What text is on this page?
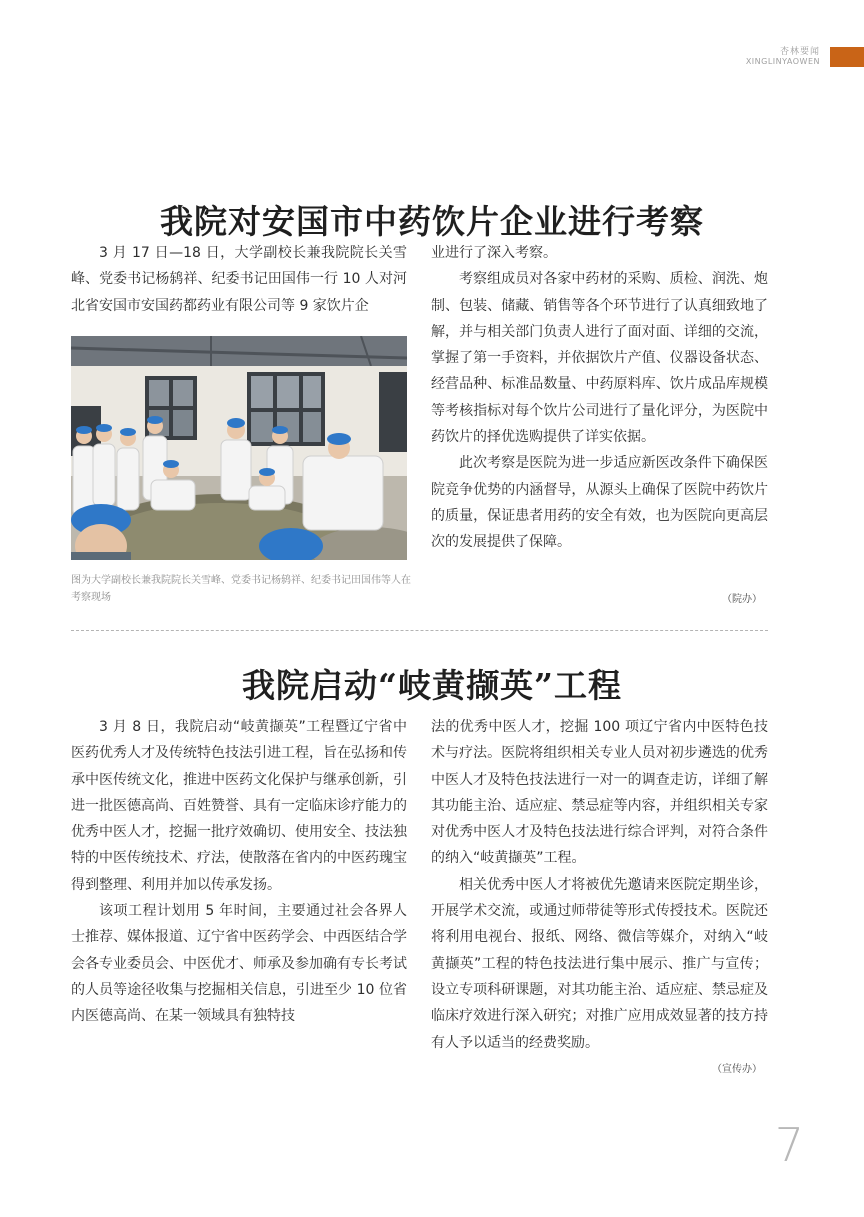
杏林要闻
XINGLINYAOWEN
我院对安国市中药饮片企业进行考察

3 月 17 日—18 日，大学副校长兼我院院长关雪峰、党委书记杨鸫祥、纪委书记田国伟一行 10 人对河北省安国市安国药都药业有限公司等 9 家饮片企

图为大学副校长兼我院院长关雪峰、党委书记杨鸫祥、纪委书记田国伟等人在考察现场

业进行了深入考察。

考察组成员对各家中药材的采购、质检、润洗、炮制、包装、储藏、销售等各个环节进行了认真细致地了解，并与相关部门负责人进行了面对面、详细的交流，掌握了第一手资料，并依据饮片产值、仪器设备状态、经营品种、标准品数量、中药原料库、饮片成品库规模等考核指标对每个饮片公司进行了量化评分，为医院中药饮片的择优选购提供了详实依据。

此次考察是医院为进一步适应新医改条件下确保医院竞争优势的内涵督导，从源头上确保了医院中药饮片的质量，保证患者用药的安全有效，也为医院向更高层次的发展提供了保障。

（院办）
我院启动“岐黄撷英”工程

3 月 8 日，我院启动“岐黄撷英”工程暨辽宁省中医药优秀人才及传统特色技法引进工程，旨在弘扬和传承中医传统文化，推进中医药文化保护与继承创新，引进一批医德高尚、百姓赞誉、具有一定临床诊疗能力的优秀中医人才，挖掘一批疗效确切、使用安全、技法独特的中医传统技术、疗法，使散落在省内的中医药瑰宝得到整理、利用并加以传承发扬。

该项工程计划用 5 年时间，主要通过社会各界人士推荐、媒体报道、辽宁省中医药学会、中西医结合学会各专业委员会、中医优才、师承及参加确有专长考试的人员等途径收集与挖掘相关信息，引进至少 10 位省内医德高尚、在某一领域具有独特技

法的优秀中医人才，挖掘 100 项辽宁省内中医特色技术与疗法。医院将组织相关专业人员对初步遴选的优秀中医人才及特色技法进行一对一的调查走访，详细了解其功能主治、适应症、禁忌症等内容，并组织相关专家对优秀中医人才及特色技法进行综合评判，对符合条件的纳入“岐黄撷英”工程。

相关优秀中医人才将被优先邀请来医院定期坐诊，开展学术交流，或通过师带徒等形式传授技术。医院还将利用电视台、报纸、网络、微信等媒介，对纳入“岐黄撷英”工程的特色技法进行集中展示、推广与宣传；设立专项科研课题，对其功能主治、适应症、禁忌症及临床疗效进行深入研究；对推广应用成效显著的技方持有人予以适当的经费奖励。

（宣传办）
7
